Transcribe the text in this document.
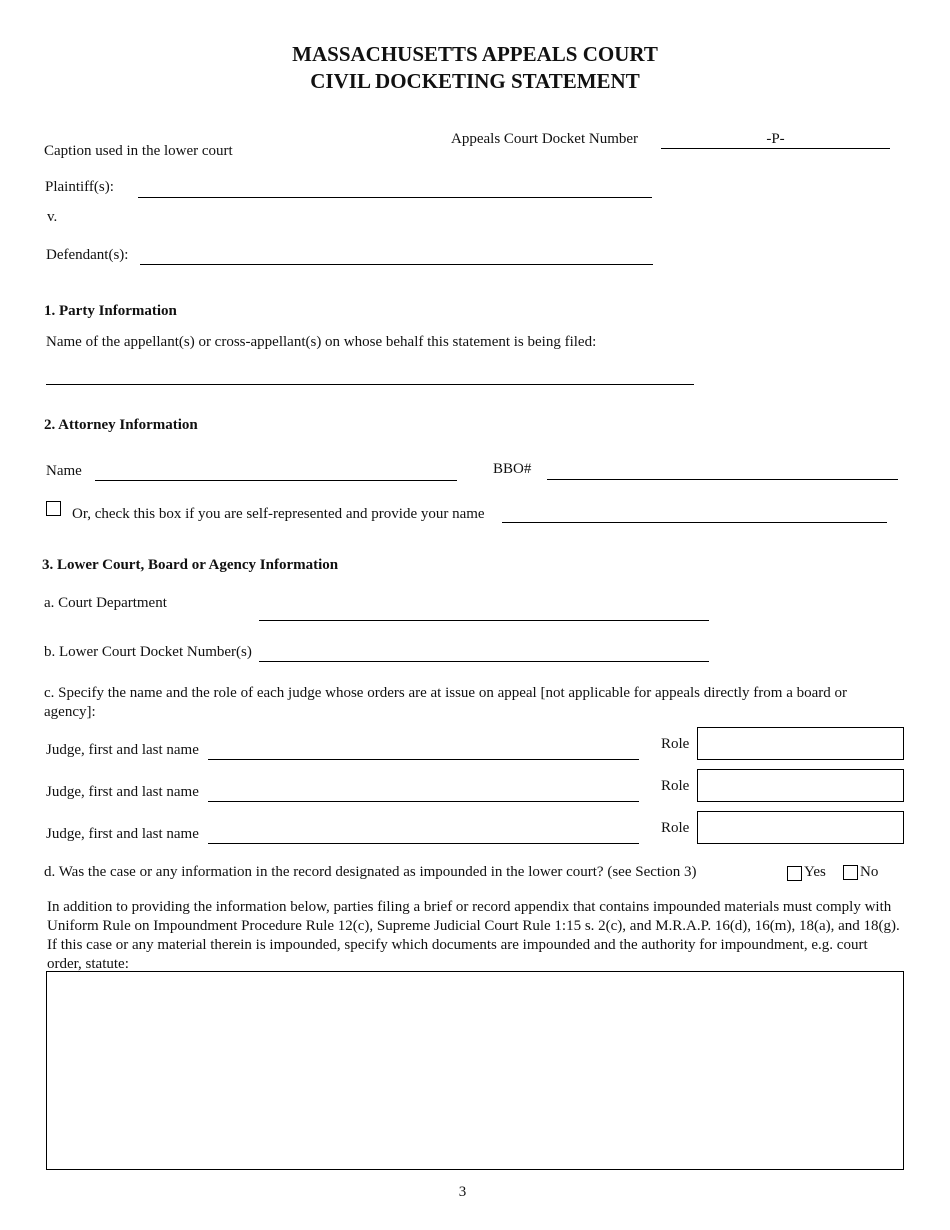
MASSACHUSETTS APPEALS COURT
CIVIL DOCKETING STATEMENT
Caption used in the lower court
Appeals Court Docket Number	-P-
Plaintiff(s):
v.
Defendant(s):
1. Party Information
Name of the appellant(s) or cross-appellant(s) on whose behalf this statement is being filed:
2. Attorney Information
Name	BBO#
Or, check this box if you are self-represented and provide your name
3. Lower Court, Board or Agency Information
a. Court Department
b. Lower Court Docket Number(s)
c. Specify the name and the role of each judge whose orders are at issue on appeal [not applicable for appeals directly from a board or agency]:
Judge, first and last name	Role
Judge, first and last name	Role
Judge, first and last name	Role
d. Was the case or any information in the record designated as impounded in the lower court? (see Section 3)	Yes No
In addition to providing the information below, parties filing a brief or record appendix that contains impounded materials must comply with Uniform Rule on Impoundment Procedure Rule 12(c), Supreme Judicial Court Rule 1:15 s. 2(c), and M.R.A.P. 16(d), 16(m), 18(a), and 18(g). If this case or any material therein is impounded, specify which documents are impounded and the authority for impoundment, e.g. court order, statute:
3
